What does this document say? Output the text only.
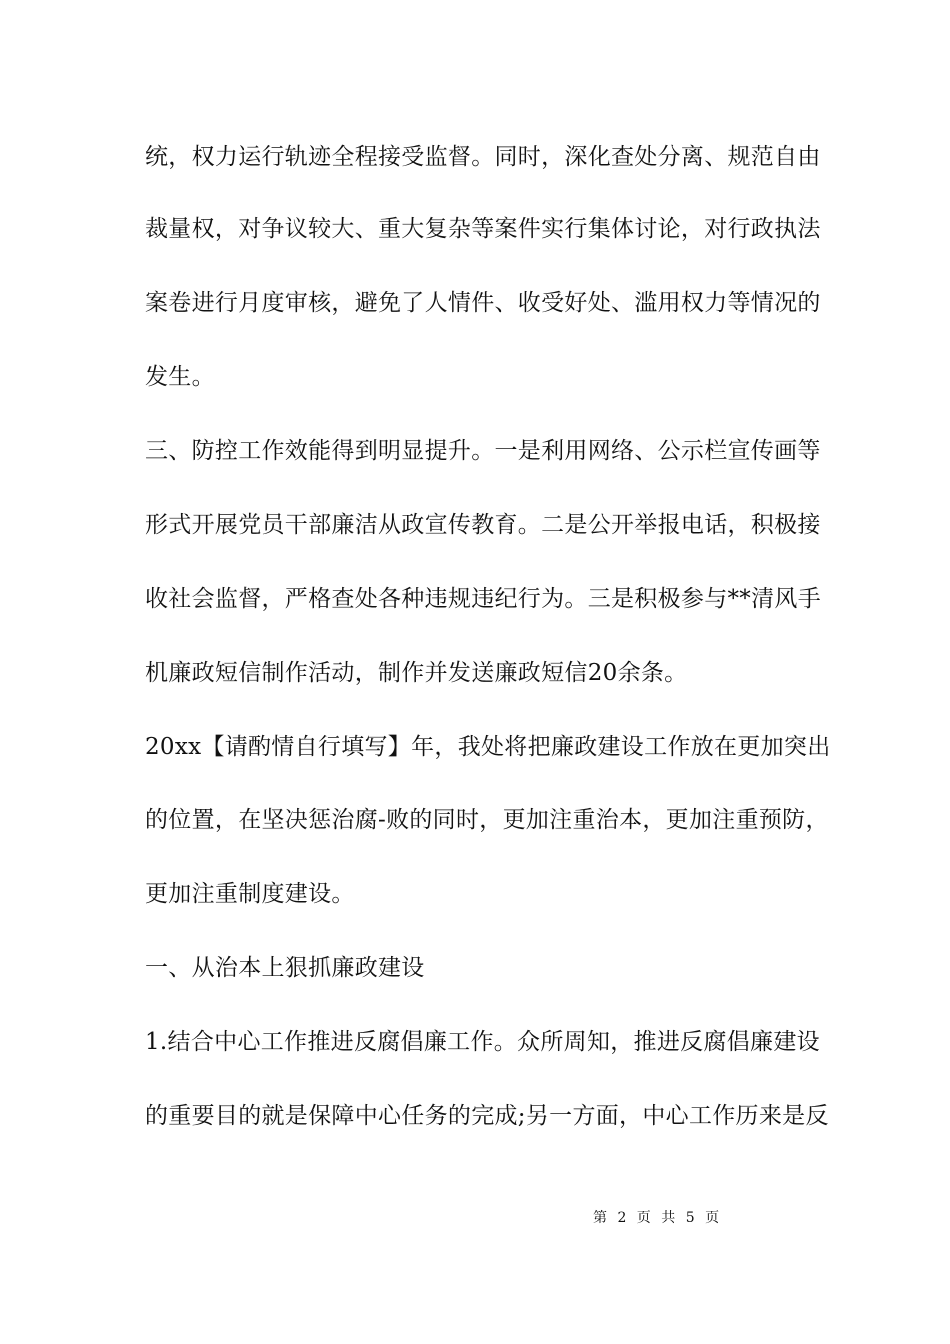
统，权力运行轨迹全程接受监督。同时，深化查处分离、规范自由
裁量权，对争议较大、重大复杂等案件实行集体讨论，对行政执法
案卷进行月度审核，避免了人情件、收受好处、滥用权力等情况的
发生。
三、防控工作效能得到明显提升。一是利用网络、公示栏宣传画等
形式开展党员干部廉洁从政宣传教育。二是公开举报电话，积极接
收社会监督，严格查处各种违规违纪行为。三是积极参与**清风手
机廉政短信制作活动，制作并发送廉政短信20余条。
20xx【请酌情自行填写】年，我处将把廉政建设工作放在更加突出
的位置，在坚决惩治腐-败的同时，更加注重治本，更加注重预防，
更加注重制度建设。
一、从治本上狠抓廉政建设
1.结合中心工作推进反腐倡廉工作。众所周知，推进反腐倡廉建设
的重要目的就是保障中心任务的完成;另一方面，中心工作历来是反
第 2 页 共 5 页
